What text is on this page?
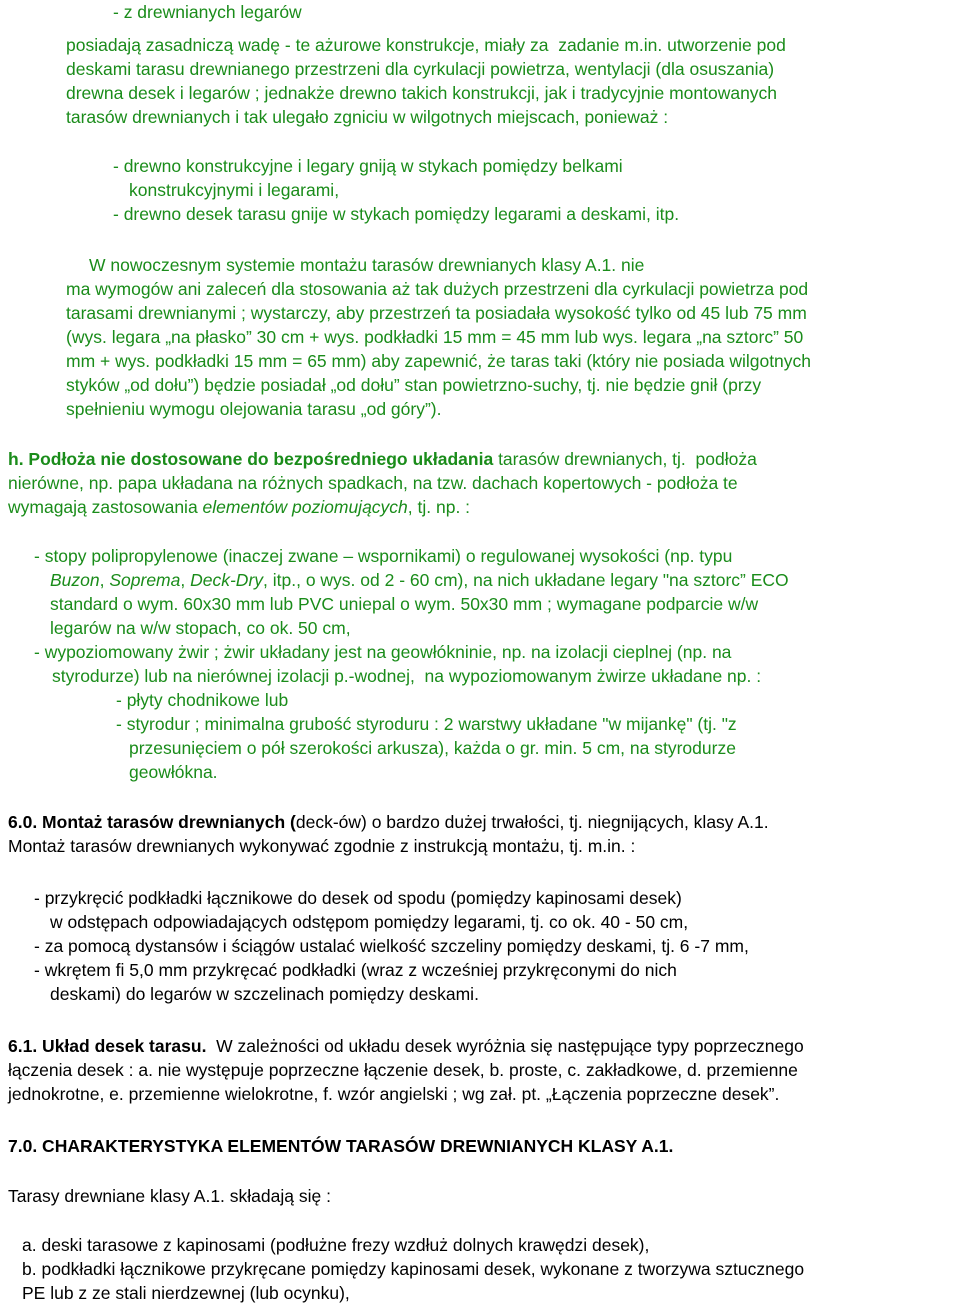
- z drewnianych legarów
posiadają zasadniczą wadę - te ażurowe konstrukcje, miały za  zadanie m.in. utworzenie pod
deskami tarasu drewnianego przestrzeni dla cyrkulacji powietrza, wentylacji (dla osuszania)
drewna desek i legarów ; jednakże drewno takich konstrukcji, jak i tradycyjnie montowanych
tarasów drewnianych i tak ulegało zgniciu w wilgotnych miejscach, ponieważ :
- drewno konstrukcyjne i legary gniją w stykach pomiędzy belkami
konstrukcyjnymi i legarami,
- drewno desek tarasu gnije w stykach pomiędzy legarami a deskami, itp.
W nowoczesnym systemie montażu tarasów drewnianych klasy A.1. nie
ma wymogów ani zaleceń dla stosowania aż tak dużych przestrzeni dla cyrkulacji powietrza pod
tarasami drewnianymi ; wystarczy, aby przestrzeń ta posiadała wysokość tylko od 45 lub 75 mm
(wys. legara „na płasko” 30 cm + wys. podkładki 15 mm = 45 mm lub wys. legara „na sztorc” 50
mm + wys. podkładki 15 mm = 65 mm) aby zapewnić, że taras taki (który nie posiada wilgotnych
styków „od dołu”) będzie posiadał „od dołu” stan powietrzno-suchy, tj. nie będzie gnił (przy
spełnieniu wymogu olejowania tarasu „od góry”).
h. Podłoża nie dostosowane do bezpośredniego układania tarasów drewnianych, tj.  podłoża
nierówne, np. papa układana na różnych spadkach, na tzw. dachach kopertowych - podłoża te
wymagają zastosowania elementów poziomujących, tj. np. :
- stopy polipropylenowe (inaczej zwane – wspornikami) o regulowanej wysokości (np. typu
Buzon, Soprema, Deck-Dry, itp., o wys. od 2 - 60 cm), na nich układane legary "na sztorc” ECO
standard o wym. 60x30 mm lub PVC uniepal o wym. 50x30 mm ; wymagane podparcie w/w
legarów na w/w stopach, co ok. 50 cm,
- wypoziomowany żwir ; żwir układany jest na geowłókninie, np. na izolacji cieplnej (np. na
styrodurze) lub na nierównej izolacji p.-wodnej,  na wypoziomowanym żwirze układane np. :
- płyty chodnikowe lub
- styrodur ; minimalna grubość styroduru : 2 warstwy układane "w mijankę" (tj. "z
przesunięciem o pół szerokości arkusza), każda o gr. min. 5 cm, na styrodurze
geowłókna.
6.0. Montaż tarasów drewnianych (deck-ów) o bardzo dużej trwałości, tj. niegnijących, klasy A.1.
Montaż tarasów drewnianych wykonywać zgodnie z instrukcją montażu, tj. m.in. :
- przykręcić podkładki łącznikowe do desek od spodu (pomiędzy kapinosami desek)
w odstępach odpowiadających odstępom pomiędzy legarami, tj. co ok. 40 - 50 cm,
- za pomocą dystansów i ściągów ustalać wielkość szczeliny pomiędzy deskami, tj. 6 -7 mm,
- wkrętem fi 5,0 mm przykręcać podkładki (wraz z wcześniej przykręconymi do nich
deskami) do legarów w szczelinach pomiędzy deskami.
6.1. Układ desek tarasu.  W zależności od układu desek wyróżnia się następujące typy poprzecznego
łączenia desek : a. nie występuje poprzeczne łączenie desek, b. proste, c. zakładkowe, d. przemienne
jednokrotne, e. przemienne wielokrotne, f. wzór angielski ; wg zał. pt. „Łączenia poprzeczne desek”.
7.0. CHARAKTERYSTYKA ELEMENTÓW TARASÓW DREWNIANYCH KLASY A.1.
Tarasy drewniane klasy A.1. składają się :
a. deski tarasowe z kapinosami (podłużne frezy wzdłuż dolnych krawędzi desek),
b. podkładki łącznikowe przykręcane pomiędzy kapinosami desek, wykonane z tworzywa sztucznego
PE lub z ze stali nierdzewnej (lub ocynku),
